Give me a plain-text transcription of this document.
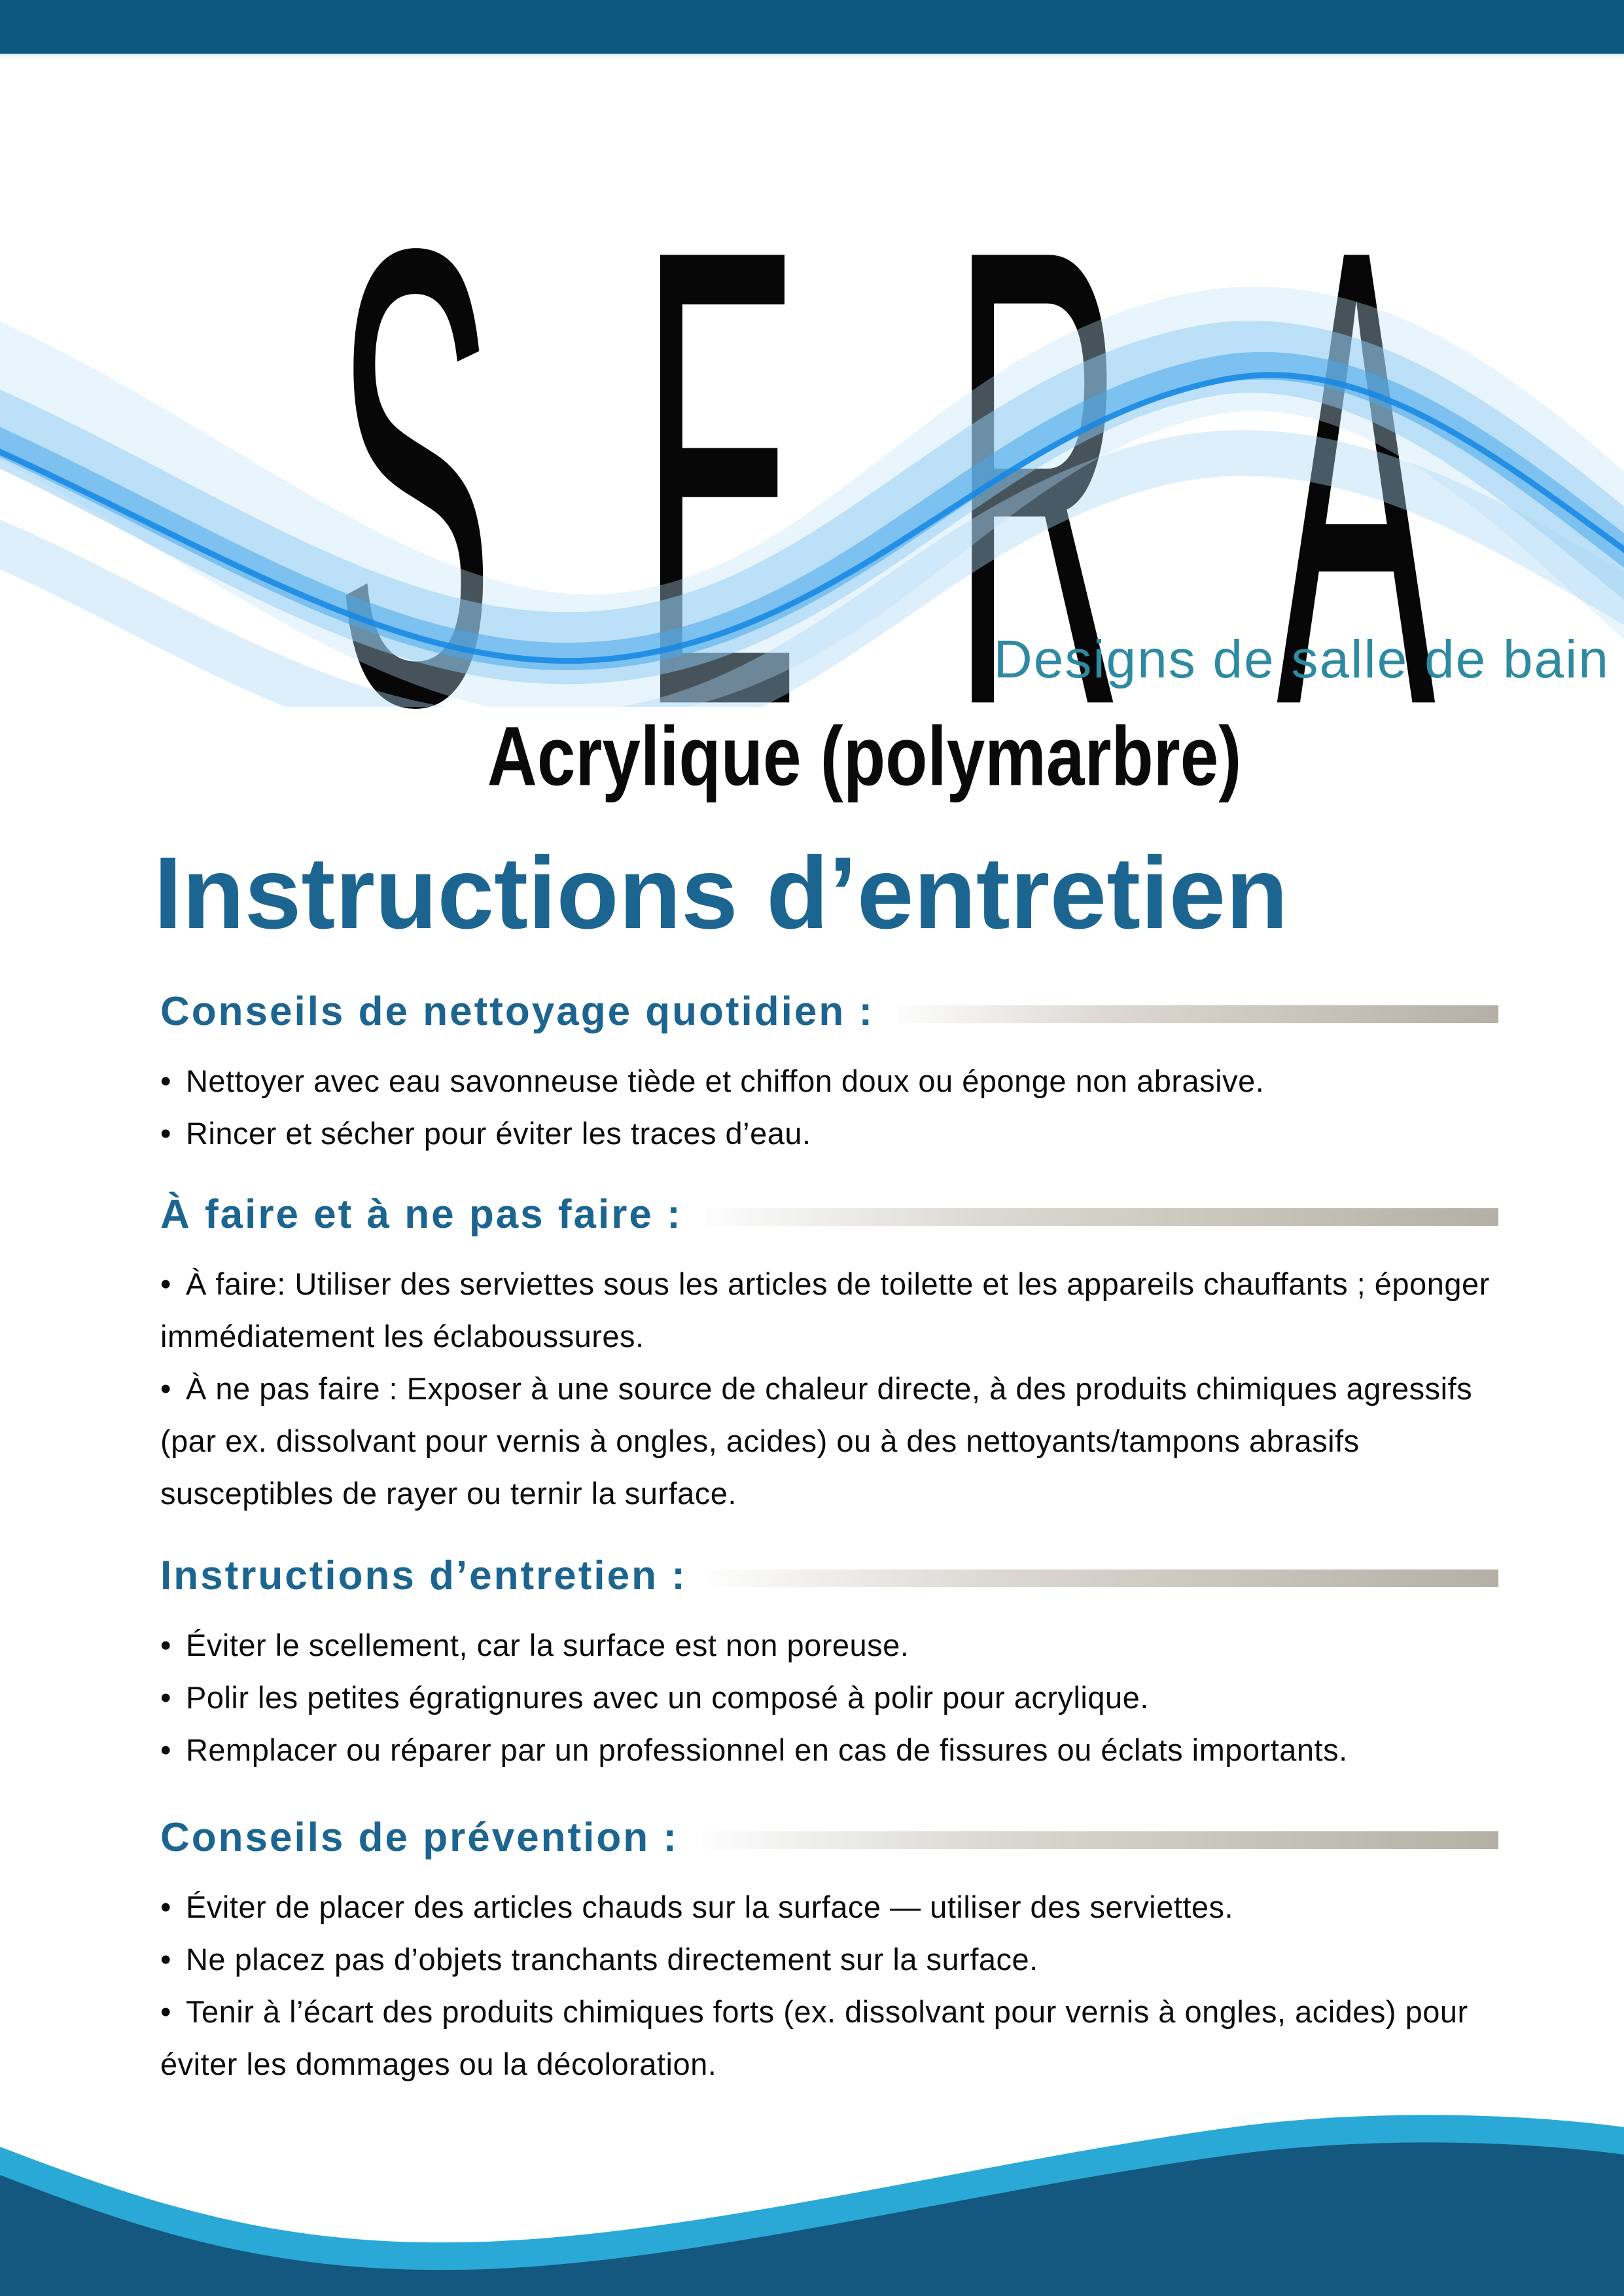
S E R A
Designs de salle de bain
Acrylique (polymarbre)
Instructions d’entretien
Conseils de nettoyage quotidien :
• Nettoyer avec eau savonneuse tiède et chiffon doux ou éponge non abrasive.
• Rincer et sécher pour éviter les traces d’eau.
À faire et à ne pas faire :
• À faire: Utiliser des serviettes sous les articles de toilette et les appareils chauffants ; éponger immédiatement les éclaboussures.
• À ne pas faire : Exposer à une source de chaleur directe, à des produits chimiques agressifs (par ex. dissolvant pour vernis à ongles, acides) ou à des nettoyants/tampons abrasifs susceptibles de rayer ou ternir la surface.
Instructions d’entretien :
• Éviter le scellement, car la surface est non poreuse.
• Polir les petites égratignures avec un composé à polir pour acrylique.
• Remplacer ou réparer par un professionnel en cas de fissures ou éclats importants.
Conseils de prévention :
• Éviter de placer des articles chauds sur la surface — utiliser des serviettes.
• Ne placez pas d’objets tranchants directement sur la surface.
• Tenir à l’écart des produits chimiques forts (ex. dissolvant pour vernis à ongles, acides) pour éviter les dommages ou la décoloration.
